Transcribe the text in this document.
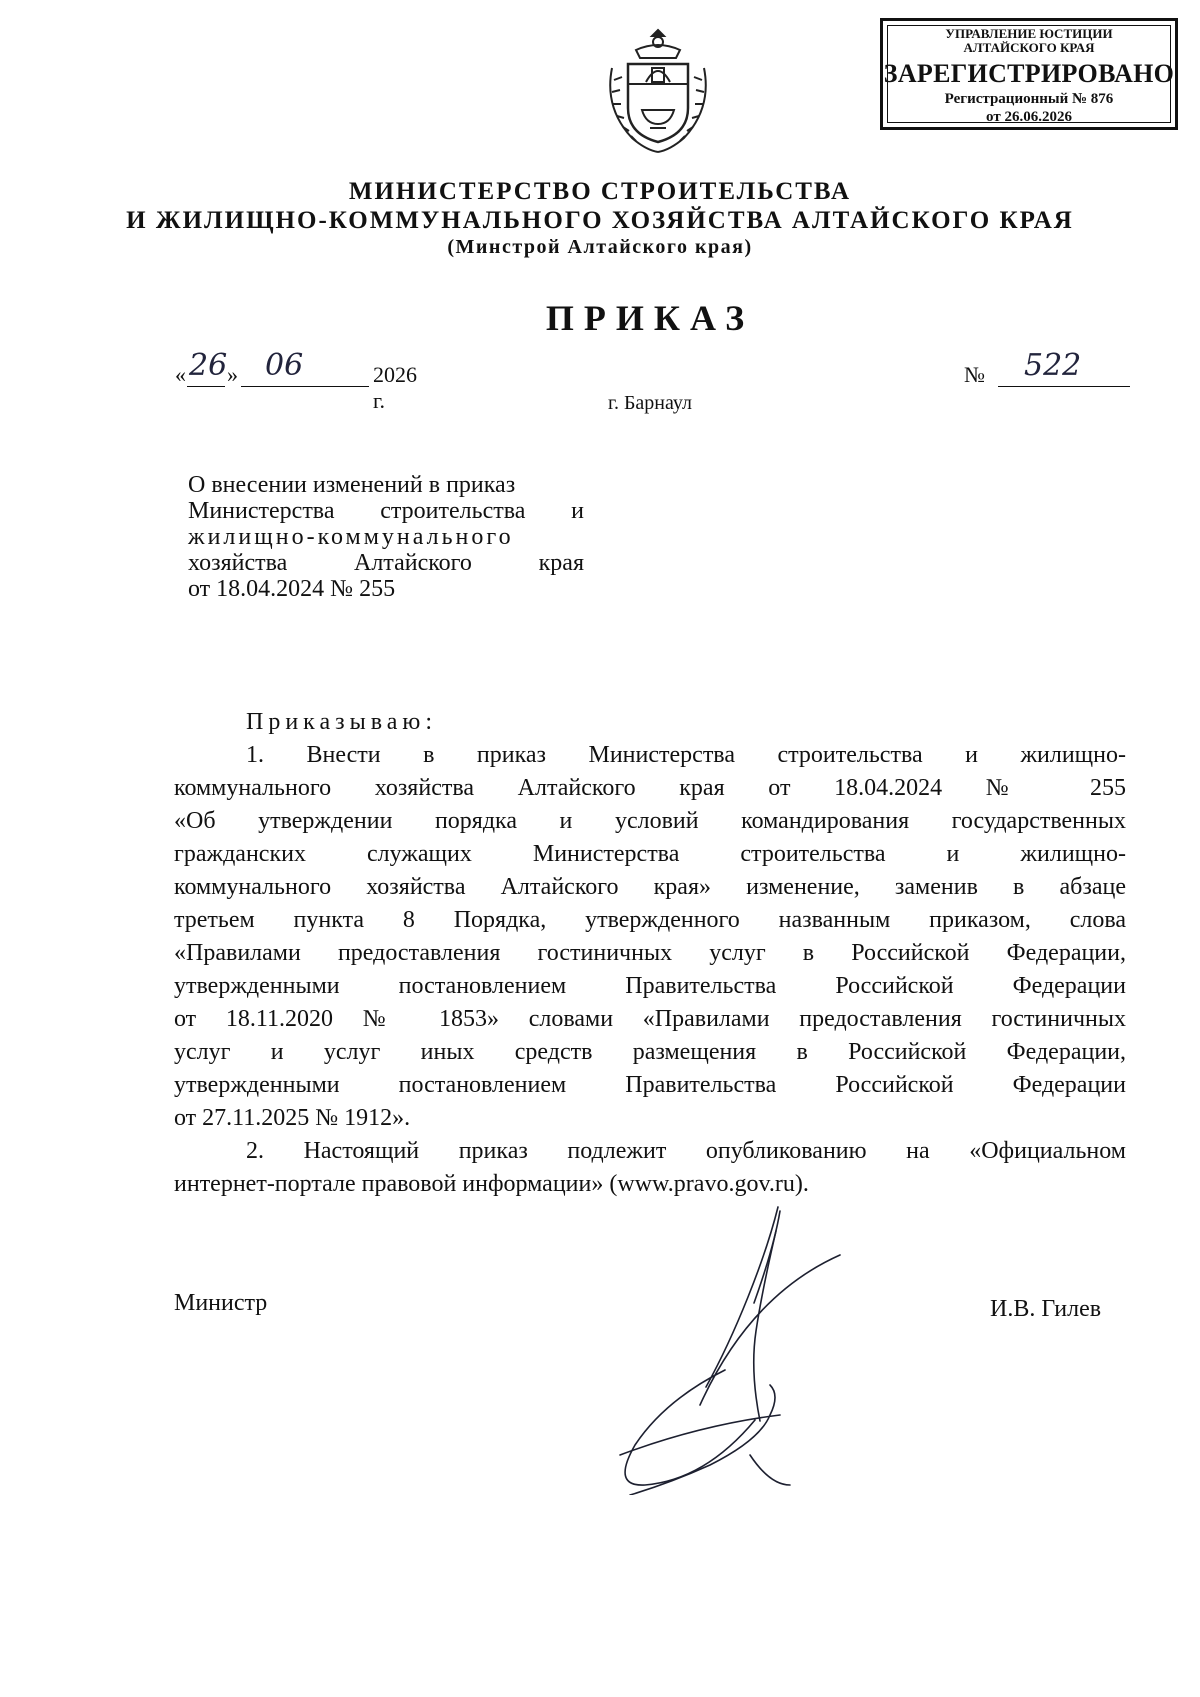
УПРАВЛЕНИЕ ЮСТИЦИИ
АЛТАЙСКОГО КРАЯ
ЗАРЕГИСТРИРОВАНО
Регистрационный № 876
от 26.06.2026
МИНИСТЕРСТВО СТРОИТЕЛЬСТВА
И ЖИЛИЩНО-КОММУНАЛЬНОГО ХОЗЯЙСТВА АЛТАЙСКОГО КРАЯ
(Минстрой Алтайского края)
ПРИКАЗ
« 26 » 06	2026 г.
№ 522
г. Барнаул
О внесении изменений в приказ
Министерства строительства и
жилищно-коммунального
хозяйства Алтайского края
от 18.04.2024 № 255
Приказываю:
1. Внести в приказ Министерства строительства и жилищно-
коммунального хозяйства Алтайского края от 18.04.2024 № 255
«Об утверждении порядка и условий командирования государственных
гражданских служащих Министерства строительства и жилищно-
коммунального хозяйства Алтайского края» изменение, заменив в абзаце
третьем пункта 8 Порядка, утвержденного названным приказом, слова
«Правилами предоставления гостиничных услуг в Российской Федерации,
утвержденными постановлением Правительства Российской Федерации
от 18.11.2020 № 1853» словами «Правилами предоставления гостиничных
услуг и услуг иных средств размещения в Российской Федерации,
утвержденными постановлением Правительства Российской Федерации
от 27.11.2025 № 1912».
2. Настоящий приказ подлежит опубликованию на «Официальном
интернет-портале правовой информации» (www.pravo.gov.ru).
Министр	И.В. Гилев
